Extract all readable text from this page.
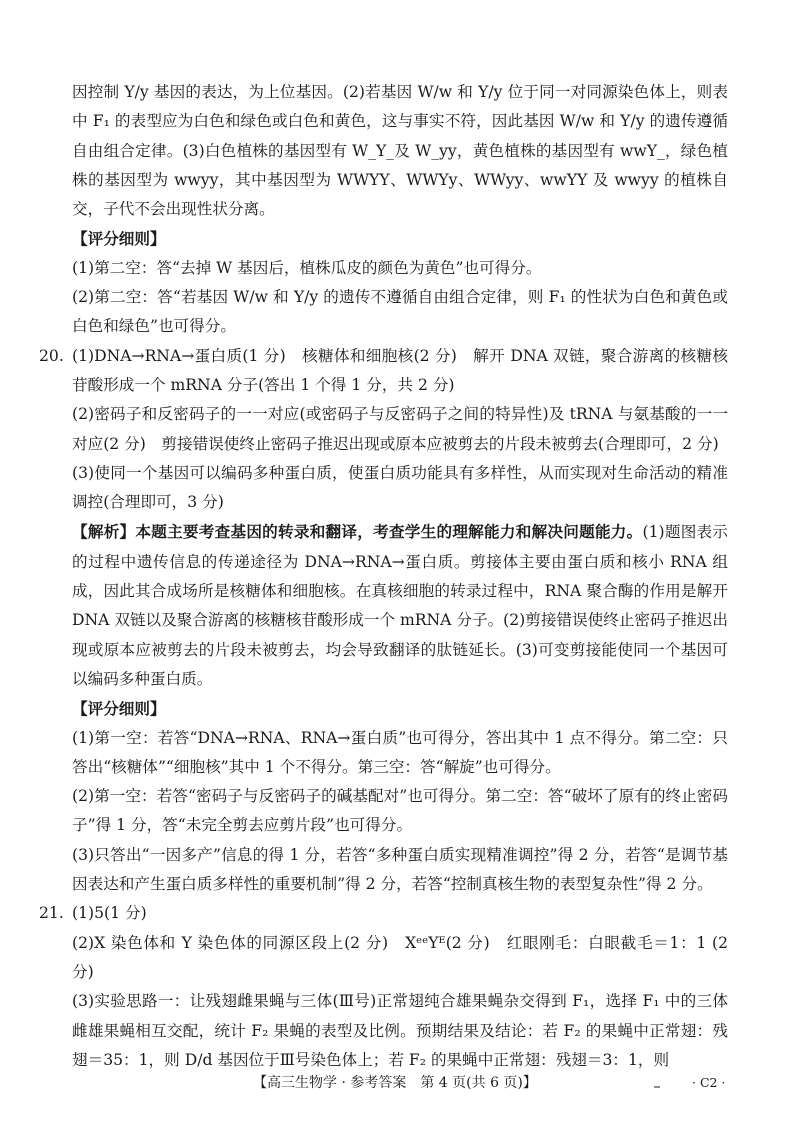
因控制 Y/y 基因的表达，为上位基因。(2)若基因 W/w 和 Y/y 位于同一对同源染色体上，则表中 F₁ 的表型应为白色和绿色或白色和黄色，这与事实不符，因此基因 W/w 和 Y/y 的遗传遵循自由组合定律。(3)白色植株的基因型有 W_Y_及 W_yy，黄色植株的基因型有 wwY_，绿色植株的基因型为 wwyy，其中基因型为 WWYY、WWYy、WWyy、wwYY 及 wwyy 的植株自交，子代不会出现性状分离。

【评分细则】

(1)第二空：答“去掉 W 基因后，植株瓜皮的颜色为黄色”也可得分。

(2)第二空：答“若基因 W/w 和 Y/y 的遗传不遵循自由组合定律，则 F₁ 的性状为白色和黄色或白色和绿色”也可得分。

20. (1)DNA→RNA→蛋白质(1 分)　核糖体和细胞核(2 分)　解开 DNA 双链，聚合游离的核糖核苷酸形成一个 mRNA 分子(答出 1 个得 1 分，共 2 分)

(2)密码子和反密码子的一一对应(或密码子与反密码子之间的特异性)及 tRNA 与氨基酸的一一对应(2 分)　剪接错误使终止密码子推迟出现或原本应被剪去的片段未被剪去(合理即可，2 分)

(3)使同一个基因可以编码多种蛋白质，使蛋白质功能具有多样性，从而实现对生命活动的精准调控(合理即可，3 分)

【解析】本题主要考查基因的转录和翻译，考查学生的理解能力和解决问题能力。(1)题图表示的过程中遗传信息的传递途径为 DNA→RNA→蛋白质。剪接体主要由蛋白质和核小 RNA 组成，因此其合成场所是核糖体和细胞核。在真核细胞的转录过程中，RNA 聚合酶的作用是解开 DNA 双链以及聚合游离的核糖核苷酸形成一个 mRNA 分子。(2)剪接错误使终止密码子推迟出现或原本应被剪去的片段未被剪去，均会导致翻译的肽链延长。(3)可变剪接能使同一个基因可以编码多种蛋白质。

【评分细则】

(1)第一空：若答“DNA→RNA、RNA→蛋白质”也可得分，答出其中 1 点不得分。第二空：只答出“核糖体”“细胞核”其中 1 个不得分。第三空：答“解旋”也可得分。

(2)第一空：若答“密码子与反密码子的碱基配对”也可得分。第二空：答“破坏了原有的终止密码子”得 1 分，答“未完全剪去应剪片段”也可得分。

(3)只答出“一因多产”信息的得 1 分，若答“多种蛋白质实现精准调控”得 2 分，若答“是调节基因表达和产生蛋白质多样性的重要机制”得 2 分，若答“控制真核生物的表型复杂性”得 2 分。

21. (1)5(1 分)

(2)X 染色体和 Y 染色体的同源区段上(2 分)　XᵉᵉYᴱ(2 分)　红眼刚毛：白眼截毛＝1：1 (2 分)

(3)实验思路一：让残翅雌果蝇与三体(Ⅲ号)正常翅纯合雄果蝇杂交得到 F₁，选择 F₁ 中的三体雌雄果蝇相互交配，统计 F₂ 果蝇的表型及比例。预期结果及结论：若 F₂ 的果蝇中正常翅：残翅＝35：1，则 D/d 基因位于Ⅲ号染色体上；若 F₂ 的果蝇中正常翅：残翅＝3：1，则

【高三生物学 · 参考答案　第 4 页(共 6 页)】	‗	· C2 ·
